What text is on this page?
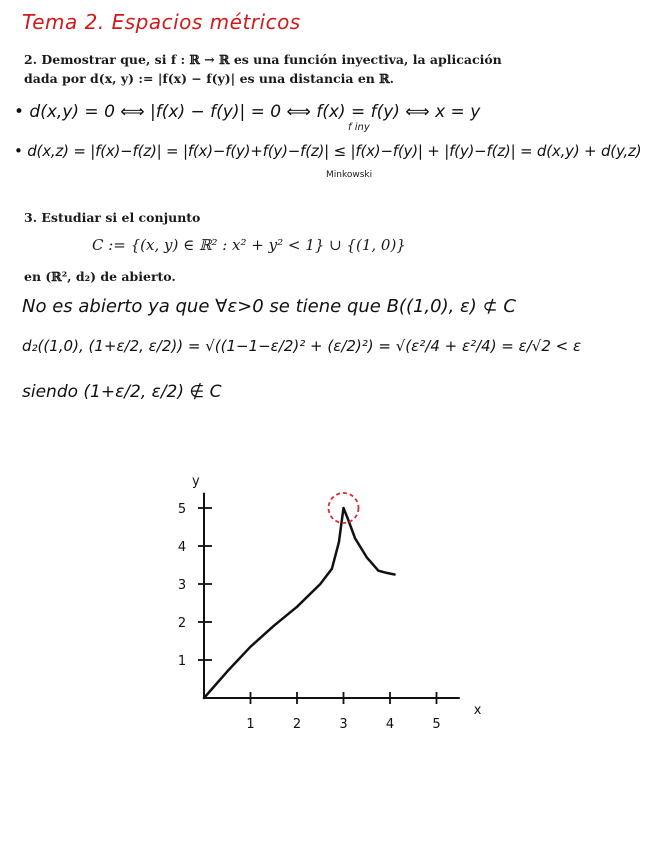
Tema 2. Espacios métricos
2. Demostrar que, si f : ℝ → ℝ es una función inyectiva, la aplicación
dada por d(x, y) := |f(x) − f(y)| es una distancia en ℝ.
• d(x,y) = 0 ⟺ |f(x) − f(y)| = 0 ⟺ f(x) = f(y) ⟺ x = y
f iny
• d(x,z) = |f(x)−f(z)| = |f(x)−f(y)+f(y)−f(z)| ≤ |f(x)−f(y)| + |f(y)−f(z)| = d(x,y) + d(y,z)
Minkowski
3. Estudiar si el conjunto
C := {(x, y) ∈ ℝ² : x² + y² < 1} ∪ {(1, 0)}
en (ℝ², d₂) de abierto.
No es abierto ya que ∀ε>0 se tiene que B((1,0), ε) ⊄ C
d₂((1,0), (1+ε/2, ε/2)) = √((1−1−ε/2)² + (ε/2)²) = √(ε²/4 + ε²/4) = ε/√2 < ε
siendo (1+ε/2, ε/2) ∉ C
1	2	3	4	5
1
2
3
4
5
x
y
